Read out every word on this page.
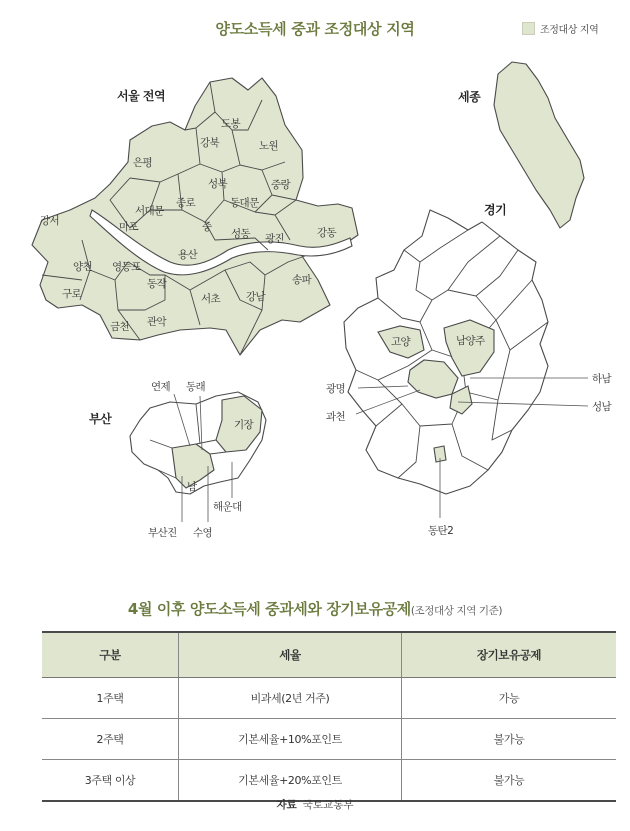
양도소득세 중과 조정대상 지역	조정대상 지역
서울 전역
도봉
강북	노원
은평
성북	중랑
종로	동대문
서대문
마포	중
강서
성동 광진	강동
용산
양천 영등포
구로
동작
서초 강남
송파
금천 관악
세종
경기
고양	남양주
광명
과천
하남
성남
동탄2
부산
연제 동래
기장
남
해운대
부산진 수영
4월 이후 양도소득세 중과세와 장기보유공제(조정대상 지역 기준)
구분	세율	장기보유공제
1주택	비과세(2년 거주)	가능
2주택	기본세율+10%포인트	불가능
3주택 이상	기본세율+20%포인트	불가능
자료 국토교통부
